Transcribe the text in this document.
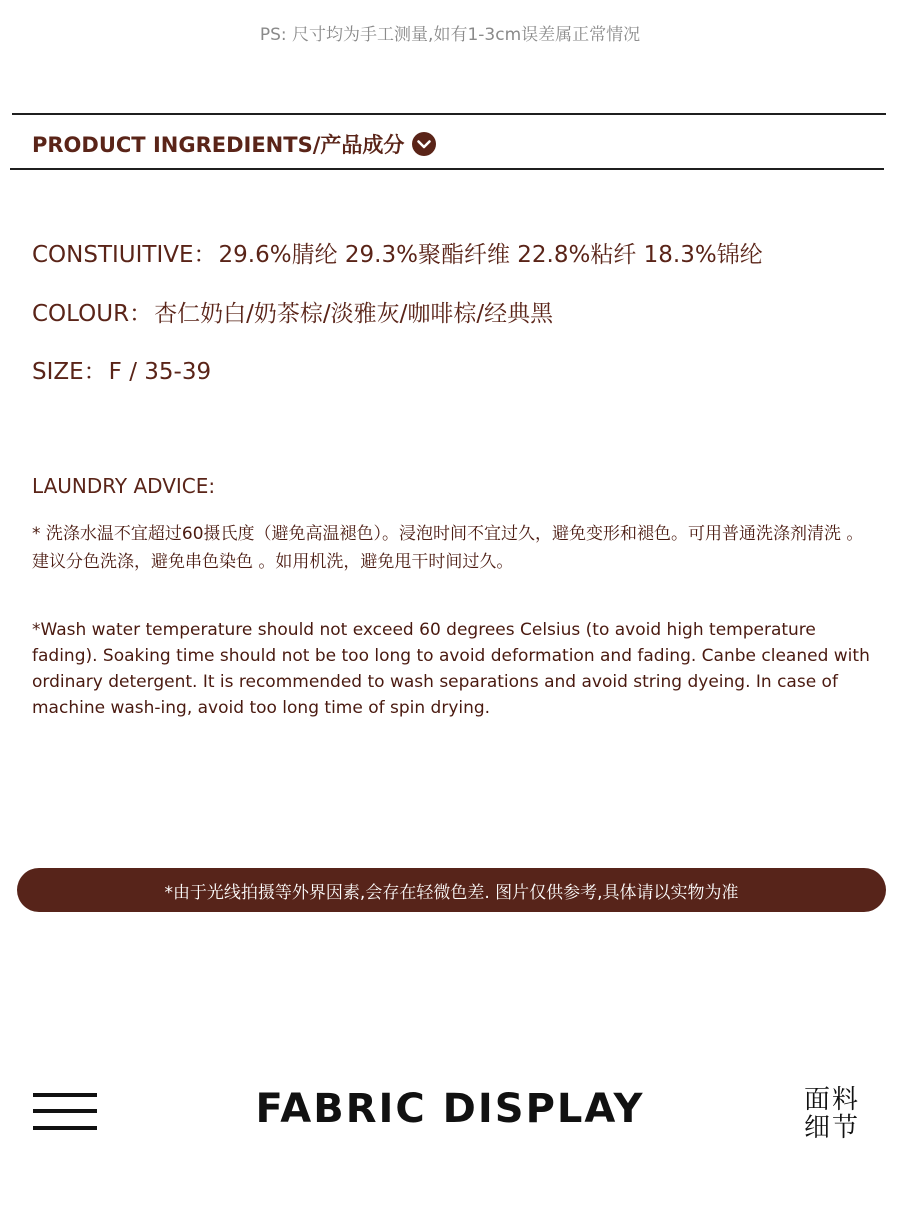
PS: 尺寸均为手工测量,如有1-3cm误差属正常情况
PRODUCT INGREDIENTS/产品成分
CONSTIUITIVE：29.6%腈纶 29.3%聚酯纤维 22.8%粘纤 18.3%锦纶
COLOUR：杏仁奶白/奶茶棕/淡雅灰/咖啡棕/经典黑
SIZE：F / 35-39
LAUNDRY ADVICE:
* 洗涤水温不宜超过60摄氏度（避免高温褪色）。浸泡时间不宜过久，避免变形和褪色。可用普通洗涤剂清洗 。建议分色洗涤，避免串色染色 。如用机洗，避免甩干时间过久。
*Wash water temperature should not exceed 60 degrees Celsius (to avoid high temperature fading). Soaking time should not be too long to avoid deformation and fading. Canbe cleaned with ordinary detergent. It is recommended to wash separations and avoid string dyeing. In case of machine wash-ing, avoid too long time of spin drying.
*由于光线拍摄等外界因素,会存在轻微色差. 图片仅供参考,具体请以实物为准
FABRIC DISPLAY	面料
细节
